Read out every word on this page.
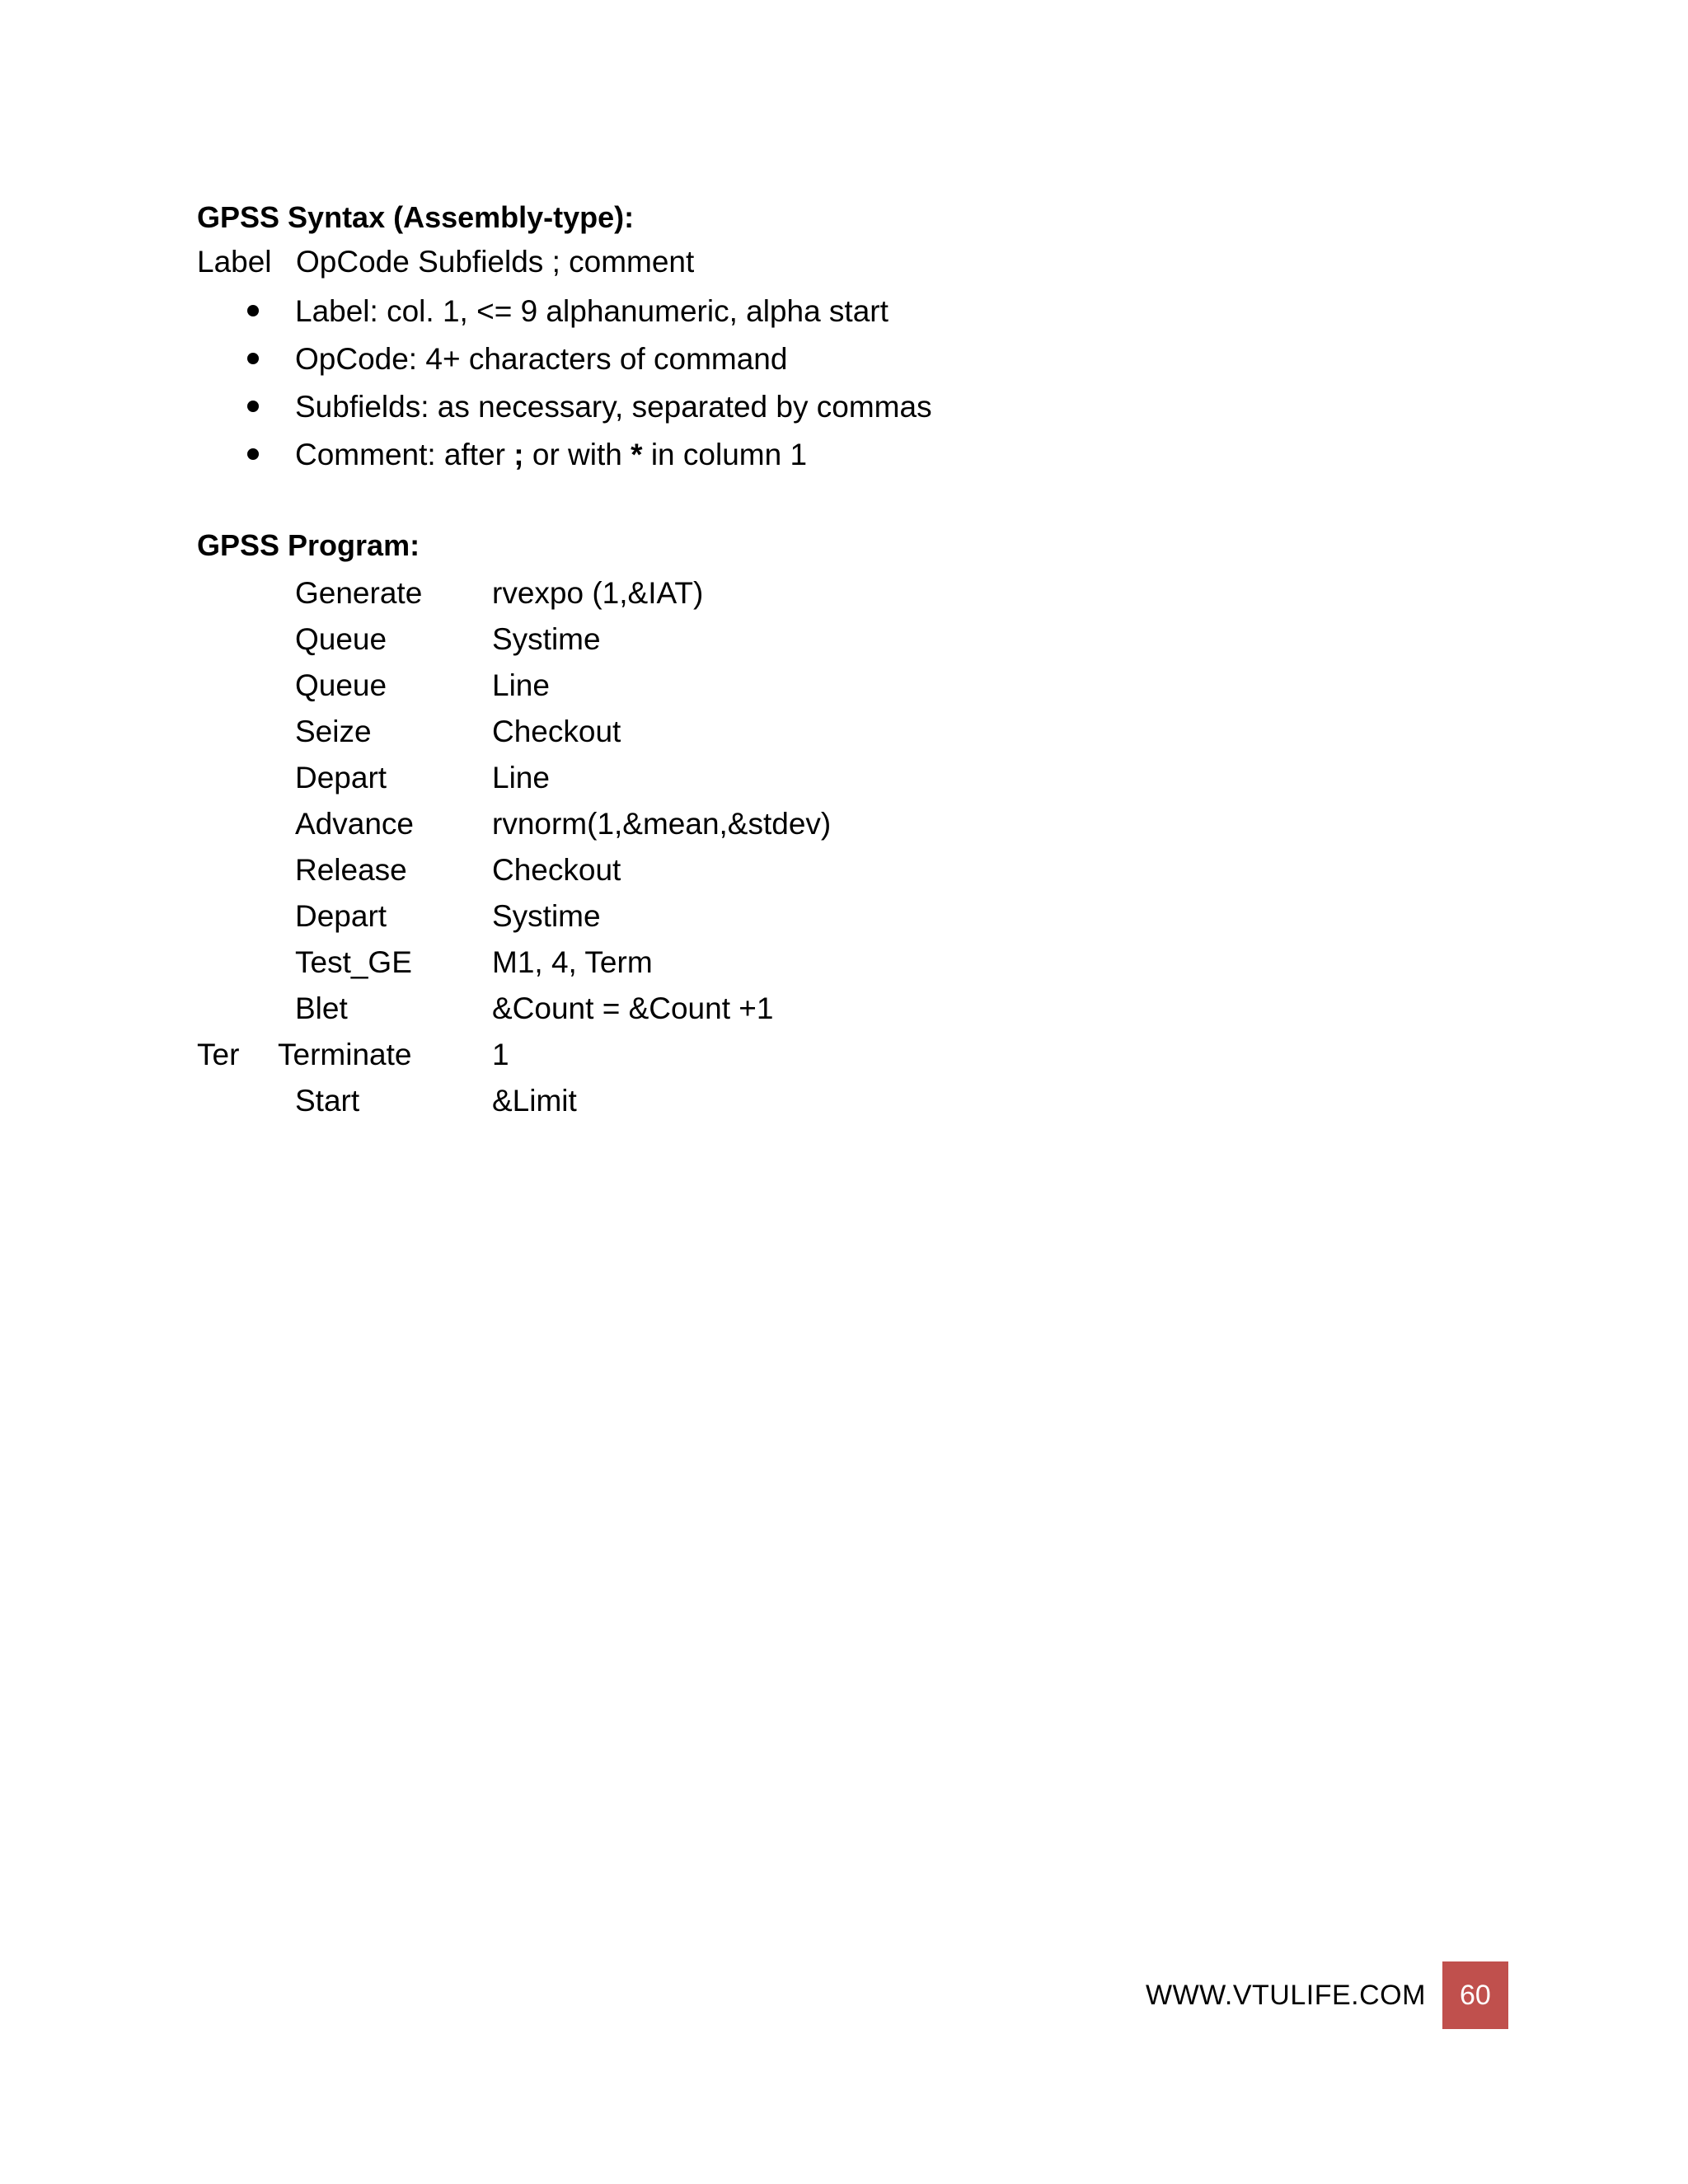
GPSS Syntax (Assembly-type):
Label OpCode Subfields ; comment
Label: col. 1, <= 9 alphanumeric, alpha start
OpCode: 4+ characters of command
Subfields: as necessary, separated by commas
Comment: after ; or with * in column 1
GPSS Program:
Generate rvexpo (1,&IAT)
Queue	Systime
Queue	Line
Seize	Checkout
Depart	Line
Advance	rvnorm(1,&mean,&stdev)
Release	Checkout
Depart	Systime
Test_GE	M1, 4, Term
Blet	&Count = &Count +1
Ter Terminate	1
Start	&Limit
WWW.VTULIFE.COM	60
